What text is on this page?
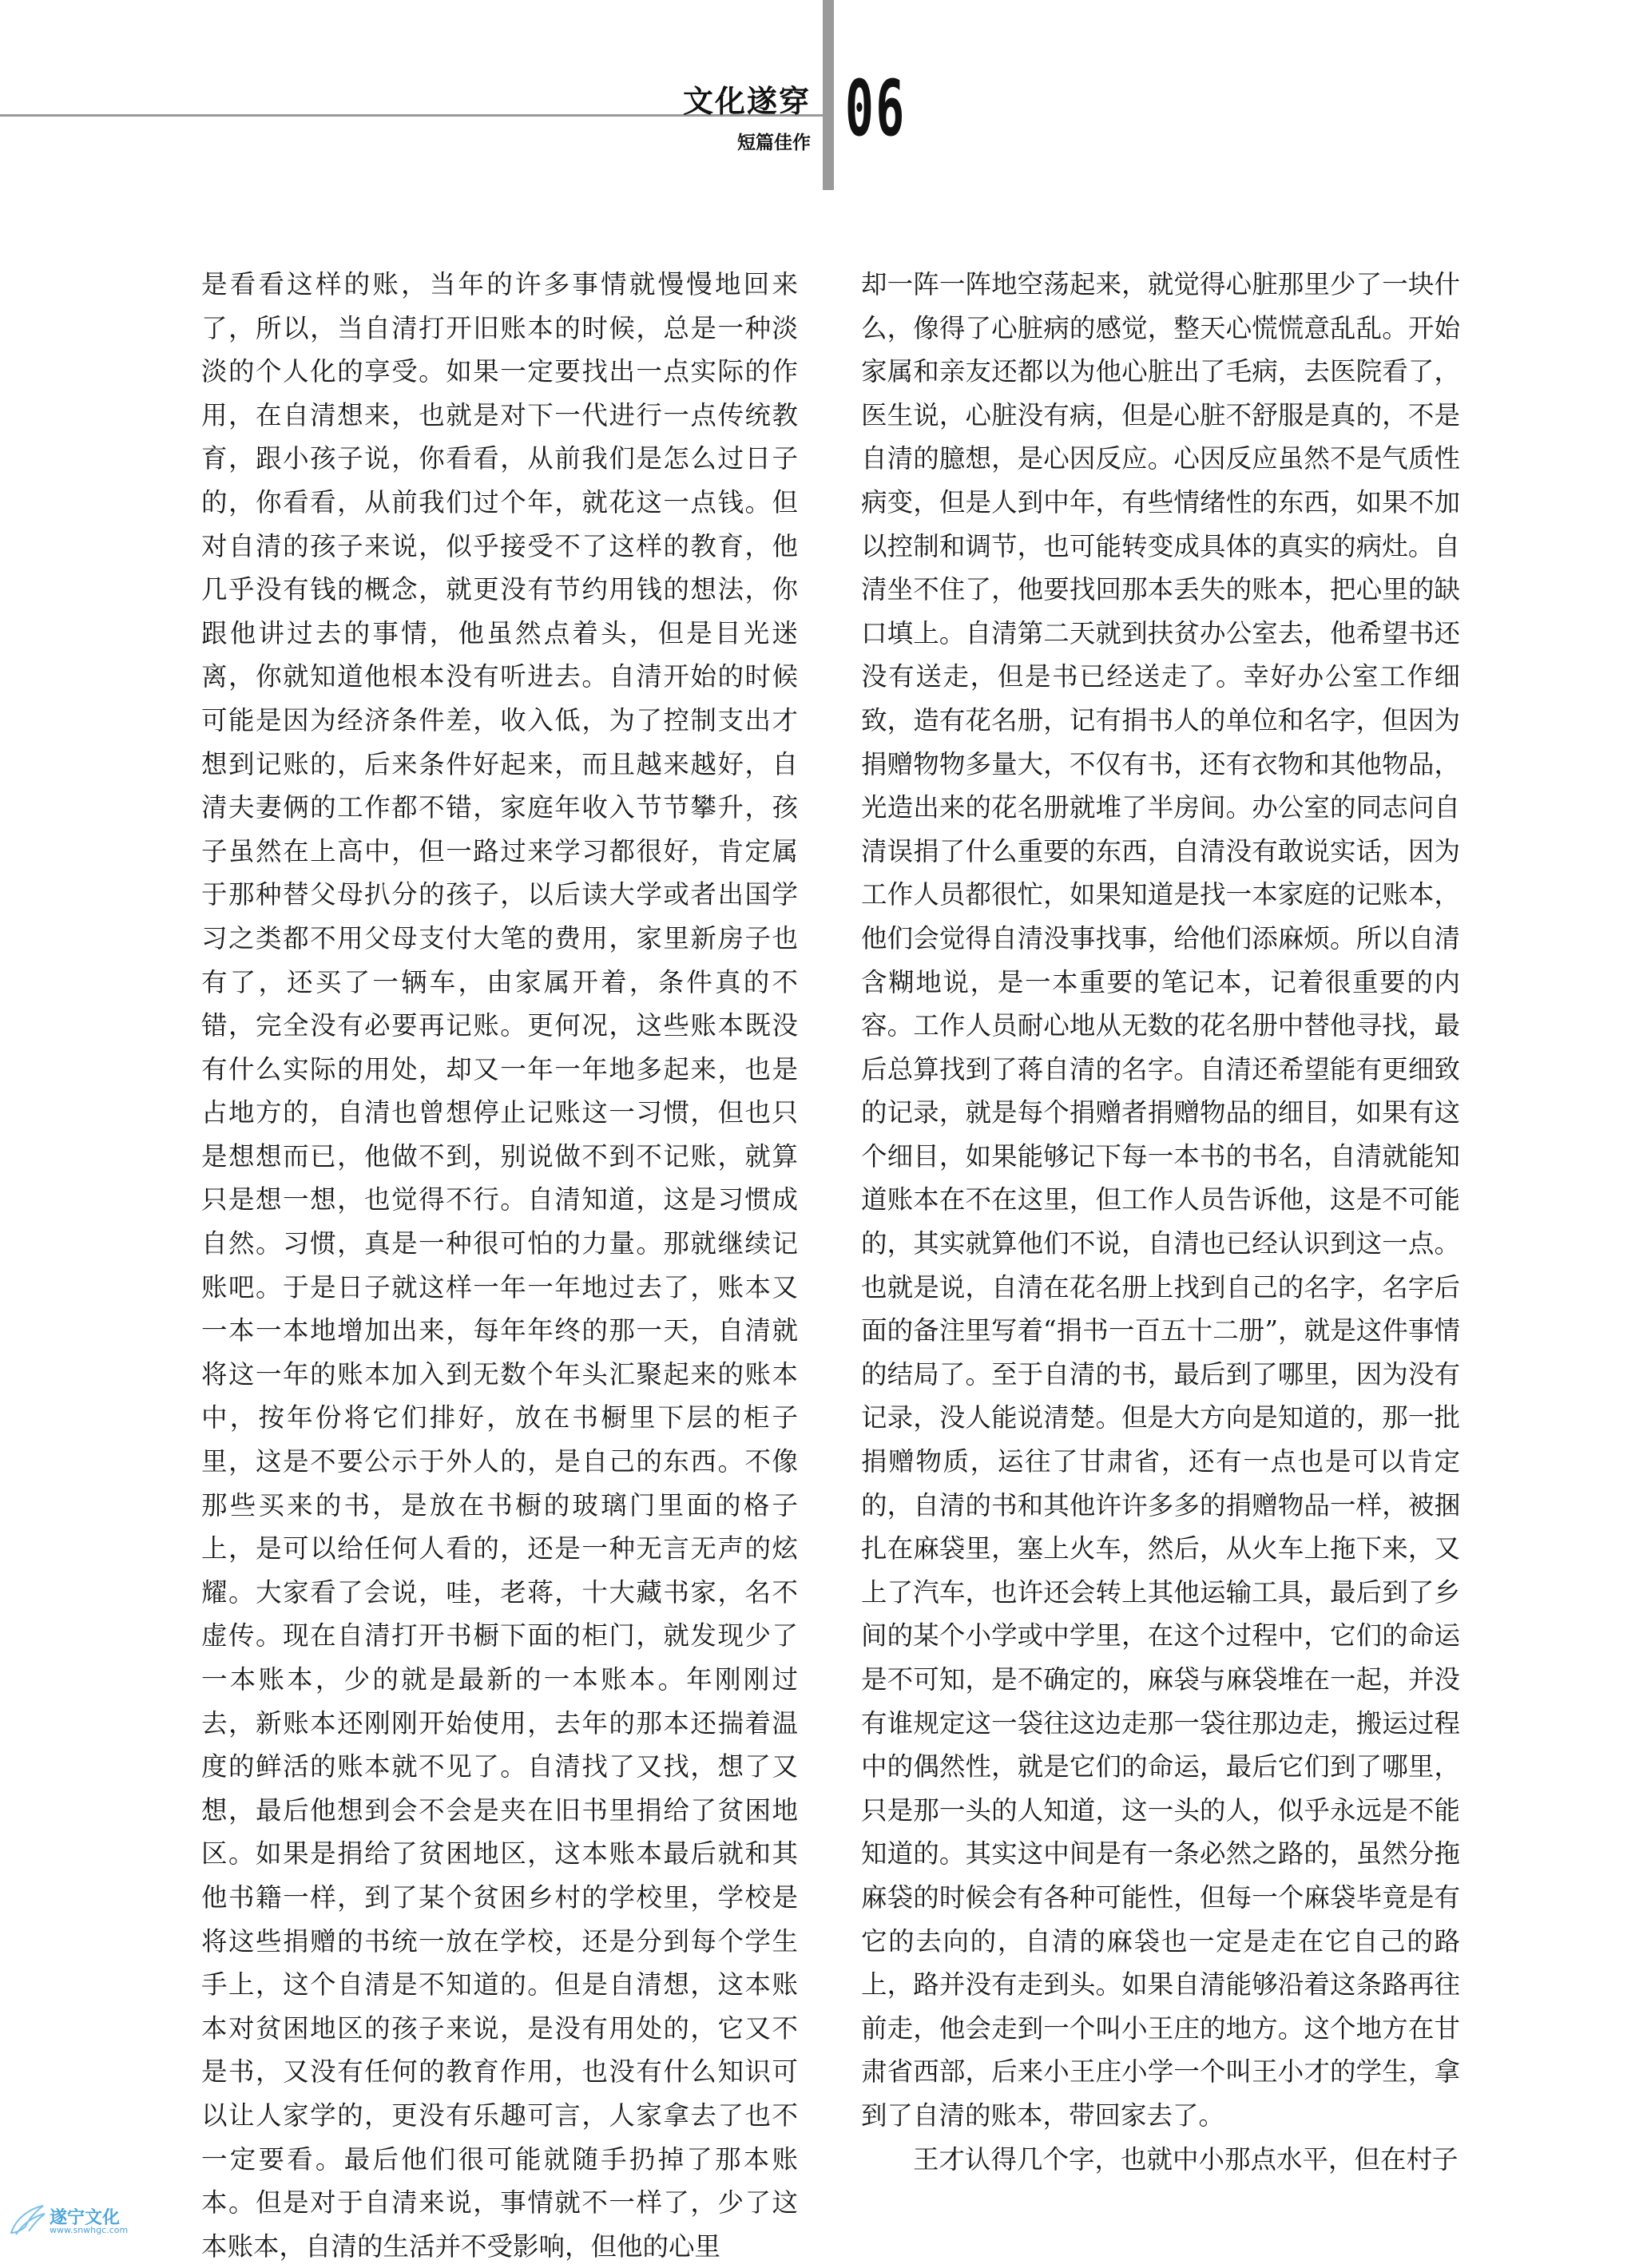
文化遂穿
短篇佳作 06

是看看这样的账，当年的许多事情就慢慢地回来了，所以，当自清打开旧账本的时候，总是一种淡淡的个人化的享受。如果一定要找出一点实际的作用，在自清想来，也就是对下一代进行一点传统教育，跟小孩子说，你看看，从前我们是怎么过日子的，你看看，从前我们过个年，就花这一点钱。但对自清的孩子来说，似乎接受不了这样的教育，他几乎没有钱的概念，就更没有节约用钱的想法，你跟他讲过去的事情，他虽然点着头，但是目光迷离，你就知道他根本没有听进去。自清开始的时候可能是因为经济条件差，收入低，为了控制支出才想到记账的，后来条件好起来，而且越来越好，自清夫妻俩的工作都不错，家庭年收入节节攀升，孩子虽然在上高中，但一路过来学习都很好，肯定属于那种替父母扒分的孩子，以后读大学或者出国学习之类都不用父母支付大笔的费用，家里新房子也有了，还买了一辆车，由家属开着，条件真的不错，完全没有必要再记账。更何况，这些账本既没有什么实际的用处，却又一年一年地多起来，也是占地方的，自清也曾想停止记账这一习惯，但也只是想想而已，他做不到，别说做不到不记账，就算只是想一想，也觉得不行。自清知道，这是习惯成自然。习惯，真是一种很可怕的力量。那就继续记账吧。于是日子就这样一年一年地过去了，账本又一本一本地增加出来，每年年终的那一天，自清就将这一年的账本加入到无数个年头汇聚起来的账本中，按年份将它们排好，放在书橱里下层的柜子里，这是不要公示于外人的，是自己的东西。不像那些买来的书，是放在书橱的玻璃门里面的格子上，是可以给任何人看的，还是一种无言无声的炫耀。大家看了会说，哇，老蒋，十大藏书家，名不虚传。现在自清打开书橱下面的柜门，就发现少了一本账本，少的就是最新的一本账本。年刚刚过去，新账本还刚刚开始使用，去年的那本还揣着温度的鲜活的账本就不见了。自清找了又找，想了又想，最后他想到会不会是夹在旧书里捐给了贫困地区。如果是捐给了贫困地区，这本账本最后就和其他书籍一样，到了某个贫困乡村的学校里，学校是将这些捐赠的书统一放在学校，还是分到每个学生手上，这个自清是不知道的。但是自清想，这本账本对贫困地区的孩子来说，是没有用处的，它又不是书，又没有任何的教育作用，也没有什么知识可以让人家学的，更没有乐趣可言，人家拿去了也不一定要看。最后他们很可能就随手扔掉了那本账本。但是对于自清来说，事情就不一样了，少了这本账本，自清的生活并不受影响，但他的心里

却一阵一阵地空荡起来，就觉得心脏那里少了一块什么，像得了心脏病的感觉，整天心慌慌意乱乱。开始家属和亲友还都以为他心脏出了毛病，去医院看了，医生说，心脏没有病，但是心脏不舒服是真的，不是自清的臆想，是心因反应。心因反应虽然不是气质性病变，但是人到中年，有些情绪性的东西，如果不加以控制和调节，也可能转变成具体的真实的病灶。自清坐不住了，他要找回那本丢失的账本，把心里的缺口填上。自清第二天就到扶贫办公室去，他希望书还没有送走，但是书已经送走了。幸好办公室工作细致，造有花名册，记有捐书人的单位和名字，但因为捐赠物物多量大，不仅有书，还有衣物和其他物品，光造出来的花名册就堆了半房间。办公室的同志问自清误捐了什么重要的东西，自清没有敢说实话，因为工作人员都很忙，如果知道是找一本家庭的记账本，他们会觉得自清没事找事，给他们添麻烦。所以自清含糊地说，是一本重要的笔记本，记着很重要的内容。工作人员耐心地从无数的花名册中替他寻找，最后总算找到了蒋自清的名字。自清还希望能有更细致的记录，就是每个捐赠者捐赠物品的细目，如果有这个细目，如果能够记下每一本书的书名，自清就能知道账本在不在这里，但工作人员告诉他，这是不可能的，其实就算他们不说，自清也已经认识到这一点。也就是说，自清在花名册上找到自己的名字，名字后面的备注里写着“捐书一百五十二册”，就是这件事情的结局了。至于自清的书，最后到了哪里，因为没有记录，没人能说清楚。但是大方向是知道的，那一批捐赠物质，运往了甘肃省，还有一点也是可以肯定的，自清的书和其他许许多多的捐赠物品一样，被捆扎在麻袋里，塞上火车，然后，从火车上拖下来，又上了汽车，也许还会转上其他运输工具，最后到了乡间的某个小学或中学里，在这个过程中，它们的命运是不可知，是不确定的，麻袋与麻袋堆在一起，并没有谁规定这一袋往这边走那一袋往那边走，搬运过程中的偶然性，就是它们的命运，最后它们到了哪里，只是那一头的人知道，这一头的人，似乎永远是不能知道的。其实这中间是有一条必然之路的，虽然分拖麻袋的时候会有各种可能性，但每一个麻袋毕竟是有它的去向的，自清的麻袋也一定是走在它自己的路上，路并没有走到头。如果自清能够沿着这条路再往前走，他会走到一个叫小王庄的地方。这个地方在甘肃省西部，后来小王庄小学一个叫王小才的学生，拿到了自清的账本，带回家去了。

王才认得几个字，也就中小那点水平，但在村子

遂宁文化
www.snwhgc.com
